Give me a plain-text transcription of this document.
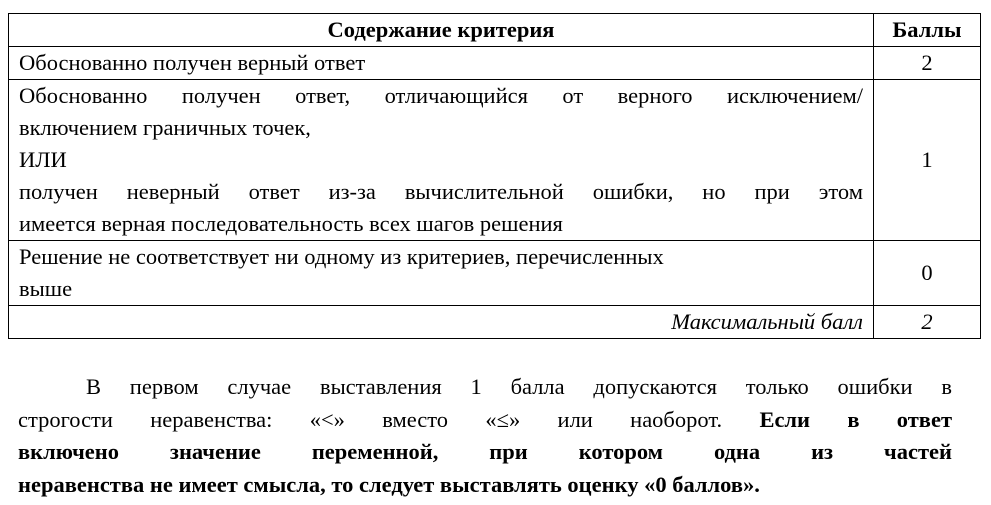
Содержание критерия	Баллы

Обоснованно получен верный ответ	2

Обоснованно получен ответ, отличающийся от верного исключением/
включением граничных точек,
ИЛИ
получен неверный ответ из-за вычислительной ошибки, но при этом
имеется верная последовательность всех шагов решения	1

Решение не соответствует ни одному из критериев, перечисленных
выше	0
Максимальный балл	2
В первом случае выставления 1 балла допускаются только ошибки в
строгости неравенства: «<» вместо «≤» или наоборот. Если в ответ
включено значение переменной, при котором одна из частей
неравенства не имеет смысла, то следует выставлять оценку «0 баллов».
